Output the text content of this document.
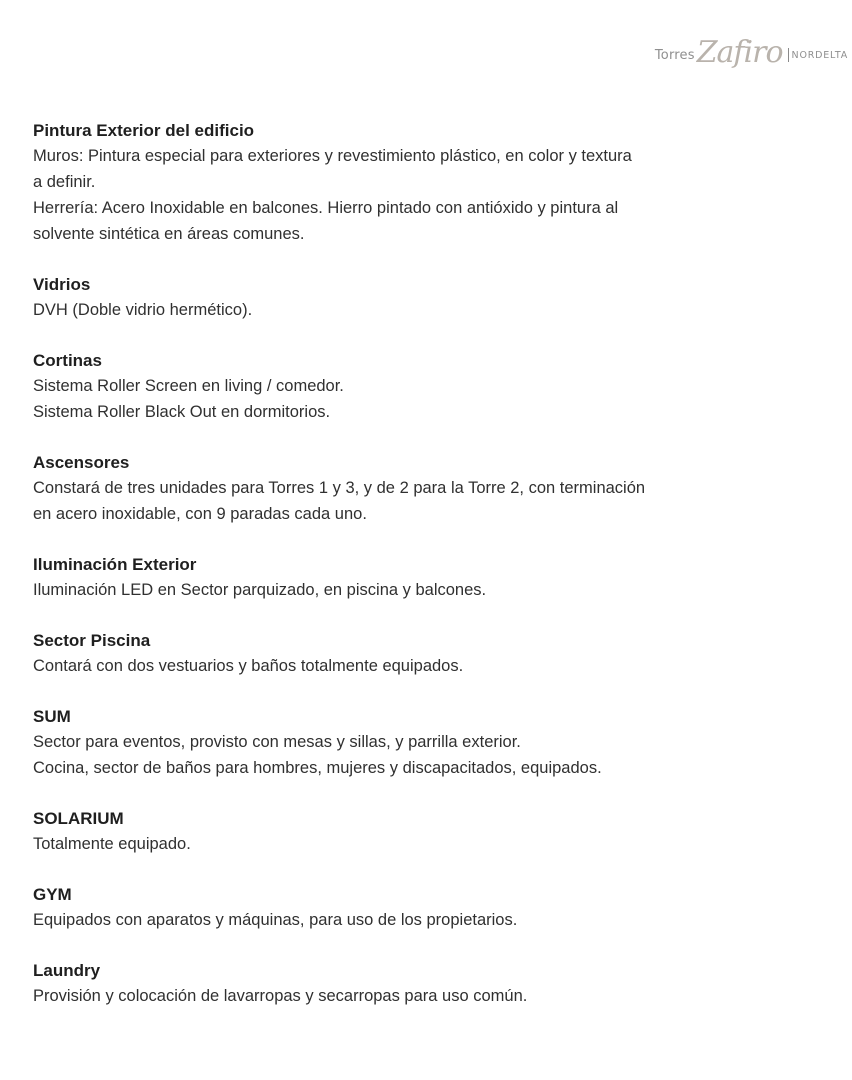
Torres Zafiro NORDELTA
Pintura Exterior del edificio
Muros: Pintura especial para exteriores y revestimiento plástico, en color y textura
a definir.
Herrería: Acero Inoxidable en balcones. Hierro pintado con antióxido y pintura al
solvente sintética en áreas comunes.
Vidrios
DVH (Doble vidrio hermético).
Cortinas
Sistema Roller Screen en living / comedor.
Sistema Roller Black Out en dormitorios.
Ascensores
Constará de tres unidades para Torres 1 y 3, y de 2 para la Torre 2, con terminación
en acero inoxidable, con 9 paradas cada uno.
Iluminación Exterior
Iluminación LED en Sector parquizado, en piscina y balcones.
Sector Piscina
Contará con dos vestuarios y baños totalmente equipados.
SUM
Sector para eventos, provisto con mesas y sillas, y parrilla exterior.
Cocina, sector de baños para hombres, mujeres y discapacitados, equipados.
SOLARIUM
Totalmente equipado.
GYM
Equipados con aparatos y máquinas, para uso de los propietarios.
Laundry
Provisión y colocación de lavarropas y secarropas para uso común.
